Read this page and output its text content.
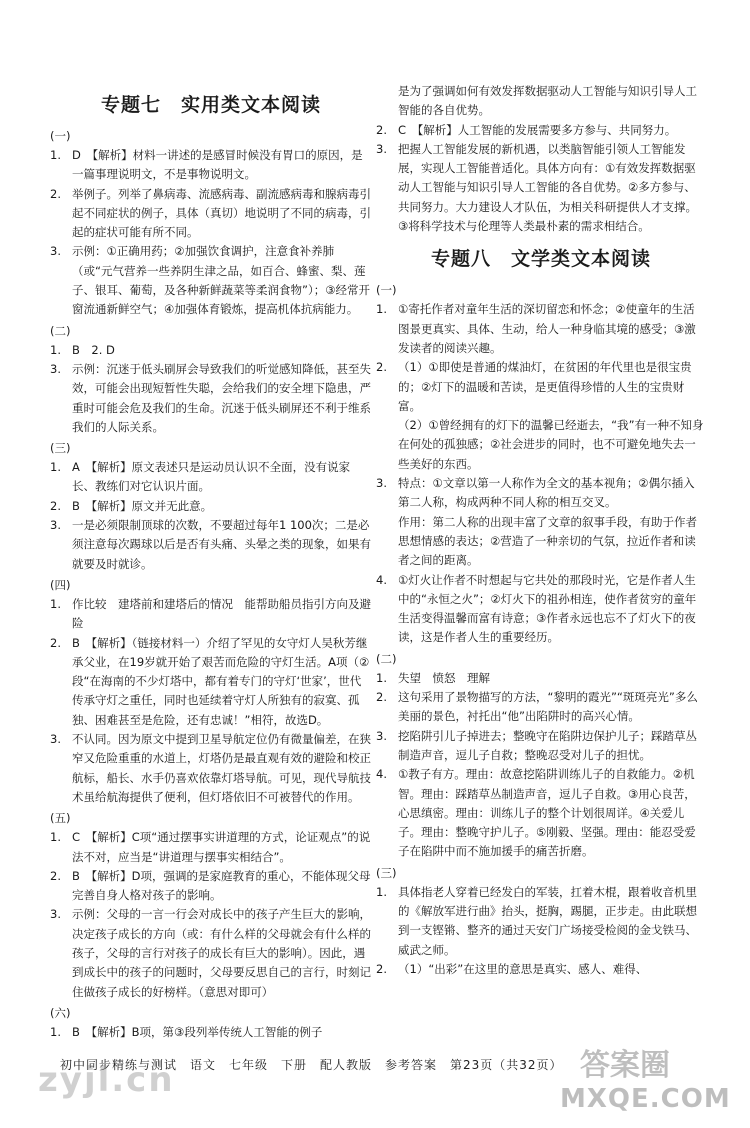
专题七　实用类文本阅读
(一)
1. D　【解析】材料一讲述的是感冒时候没有胃口的原因，是一篇事理说明文，不是事物说明文。
2. 举例子。列举了鼻病毒、流感病毒、副流感病毒和腺病毒引起不同症状的例子，具体（真切）地说明了不同的病毒，引起的症状可能有所不同。
3. 示例：①正确用药；②加强饮食调护，注意食补养肺（或“元气营养一些养阴生津之品，如百合、蜂蜜、梨、莲子、银耳、葡萄，及各种新鲜蔬菜等柔润食物”）；③经常开窗流通新鲜空气；④加强体育锻炼，提高机体抗病能力。
(二)
1. B　2. D
3. 示例：沉迷于低头刷屏会导致我们的听觉感知降低，甚至失效，可能会出现短暂性失聪，会给我们的安全埋下隐患，严重时可能会危及我们的生命。沉迷于低头刷屏还不利于维系我们的人际关系。
(三)
1. A　【解析】原文表述只是运动员认识不全面，没有说家长、教练们对它认识片面。
2. B　【解析】原文并无此意。
3. 一是必须限制顶球的次数，不要超过每年1 100次；二是必须注意每次踢球以后是否有头痛、头晕之类的现象，如果有就要及时就诊。
(四)
1. 作比较　建塔前和建塔后的情况　能帮助船员指引方向及避险
2. B　【解析】（链接材料一）介绍了罕见的女守灯人吴秋芳继承父业，在19岁就开始了艰苦而危险的守灯生活。A项（②段“在海南的不少灯塔中，都有着专门的守灯‘世家’，世代传承守灯之重任，同时也延续着守灯人所独有的寂寞、孤独、困难甚至是危险，还有忠诚！”相符，故选D。
3. 不认同。因为原文中提到卫星导航定位仍有微量偏差，在狭窄又危险重重的水道上，灯塔仍是最直观有效的避险和校正航标，船长、水手仍喜欢依靠灯塔导航。可见，现代导航技术虽给航海提供了便利，但灯塔依旧不可被替代的作用。
(五)
1. C　【解析】C项“通过摆事实讲道理的方式，论证观点”的说法不对，应当是“讲道理与摆事实相结合”。
2. B　【解析】D项，强调的是家庭教育的重心，不能体现父母完善自身人格对孩子的影响。
3. 示例：父母的一言一行会对成长中的孩子产生巨大的影响，决定孩子成长的方向（或：有什么样的父母就会有什么样的孩子，父母的言行对孩子的成长有巨大的影响）。因此，遇到成长中的孩子的问题时，父母要反思自己的言行，时刻记住做孩子成长的好榜样。（意思对即可）
(六)
1. B　【解析】B项，第③段列举传统人工智能的例子
是为了强调如何有效发挥数据驱动人工智能与知识引导人工智能的各自优势。
2. C　【解析】人工智能的发展需要多方参与、共同努力。
3. 把握人工智能发展的新机遇，以类脑智能引领人工智能发展，实现人工智能普适化。具体方向有：①有效发挥数据驱动人工智能与知识引导人工智能的各自优势。②多方参与、共同努力。大力建设人才队伍，为相关科研提供人才支撑。③将科学技术与伦理等人类最朴素的需求相结合。
专题八　文学类文本阅读
(一)
1. ①寄托作者对童年生活的深切留恋和怀念；②使童年的生活图景更真实、具体、生动，给人一种身临其境的感受；③激发读者的阅读兴趣。
2. （1）①即使是普通的煤油灯，在贫困的年代里也是很宝贵的；②灯下的温暖和苦读，是更值得珍惜的人生的宝贵财富。
（2）①曾经拥有的灯下的温馨已经逝去，“我”有一种不知身在何处的孤独感；②社会进步的同时，也不可避免地失去一些美好的东西。
3. 特点：①文章以第一人称作为全文的基本视角；②偶尔插入第二人称，构成两种不同人称的相互交叉。
作用：第二人称的出现丰富了文章的叙事手段，有助于作者思想情感的表达；②营造了一种亲切的气氛，拉近作者和读者之间的距离。
4. ①灯火让作者不时想起与它共处的那段时光，它是作者人生中的“永恒之火”；②灯火下的祖孙相连，使作者贫穷的童年生活变得温馨而富有诗意；③作者永远也忘不了灯火下的夜读，这是作者人生的重要经历。
(二)
1. 失望　愤怒　理解
2. 这句采用了景物描写的方法，“黎明的霞光”“斑斑亮光”多么美丽的景色，衬托出“他”出陷阱时的高兴心情。
3. 挖陷阱引儿子掉进去；整晚守在陷阱边保护儿子；踩踏草丛制造声音，逗儿子自救；整晚忍受对儿子的担忧。
4. ①教子有方。理由：故意挖陷阱训练儿子的自救能力。②机智。理由：踩踏草丛制造声音，逗儿子自救。③用心良苦，心思缜密。理由：训练儿子的整个计划很周详。④关爱儿子。理由：整晚守护儿子。⑤刚毅、坚强。理由：能忍受爱子在陷阱中而不施加援手的痛苦折磨。
(三)
1. 具体指老人穿着已经发白的军装，扛着木棍，跟着收音机里的《解放军进行曲》抬头，挺胸，踢腿，正步走。由此联想到一支铿锵、整齐的通过天安门广场接受检阅的金戈铁马、威武之师。
2. （1）“出彩”在这里的意思是真实、感人、难得、
初中同步精练与测试　语文　七年级　下册　配人教版　参考答案　第23页（共32页）
zyjl.cn	答案圈
MXQE.COM
